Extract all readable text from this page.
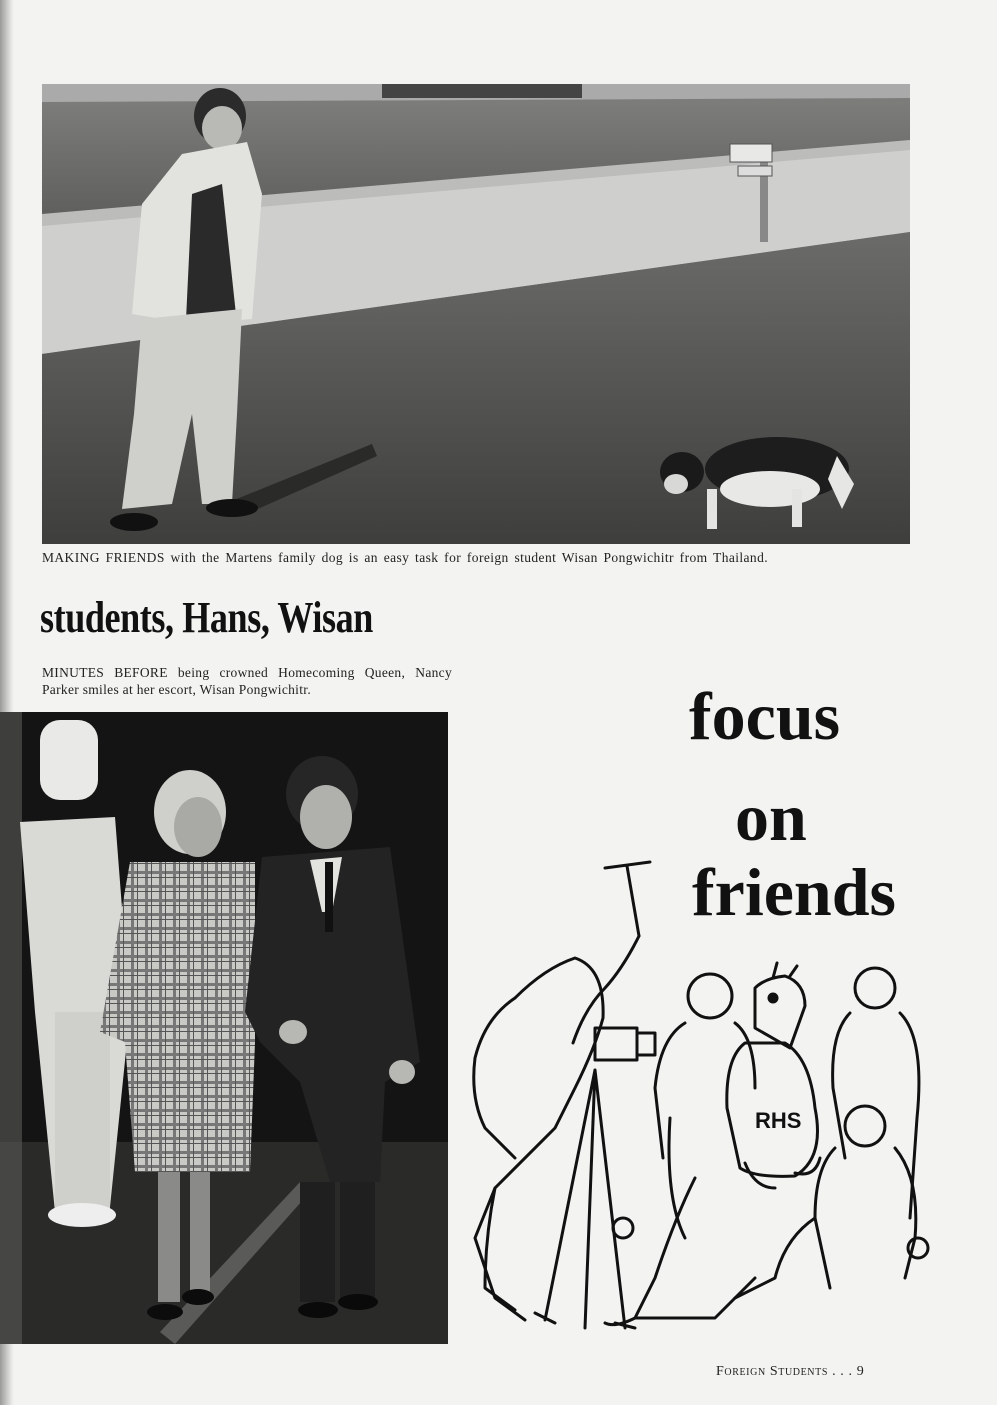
MAKING FRIENDS with the Martens family dog is an easy task for foreign student Wisan Pongwichitr from Thailand.
students, Hans, Wisan
MINUTES BEFORE being crowned Homecoming Queen, Nancy Parker smiles at her escort, Wisan Pongwichitr.	focus
on
friends
RHS
Foreign Students . . . 9
